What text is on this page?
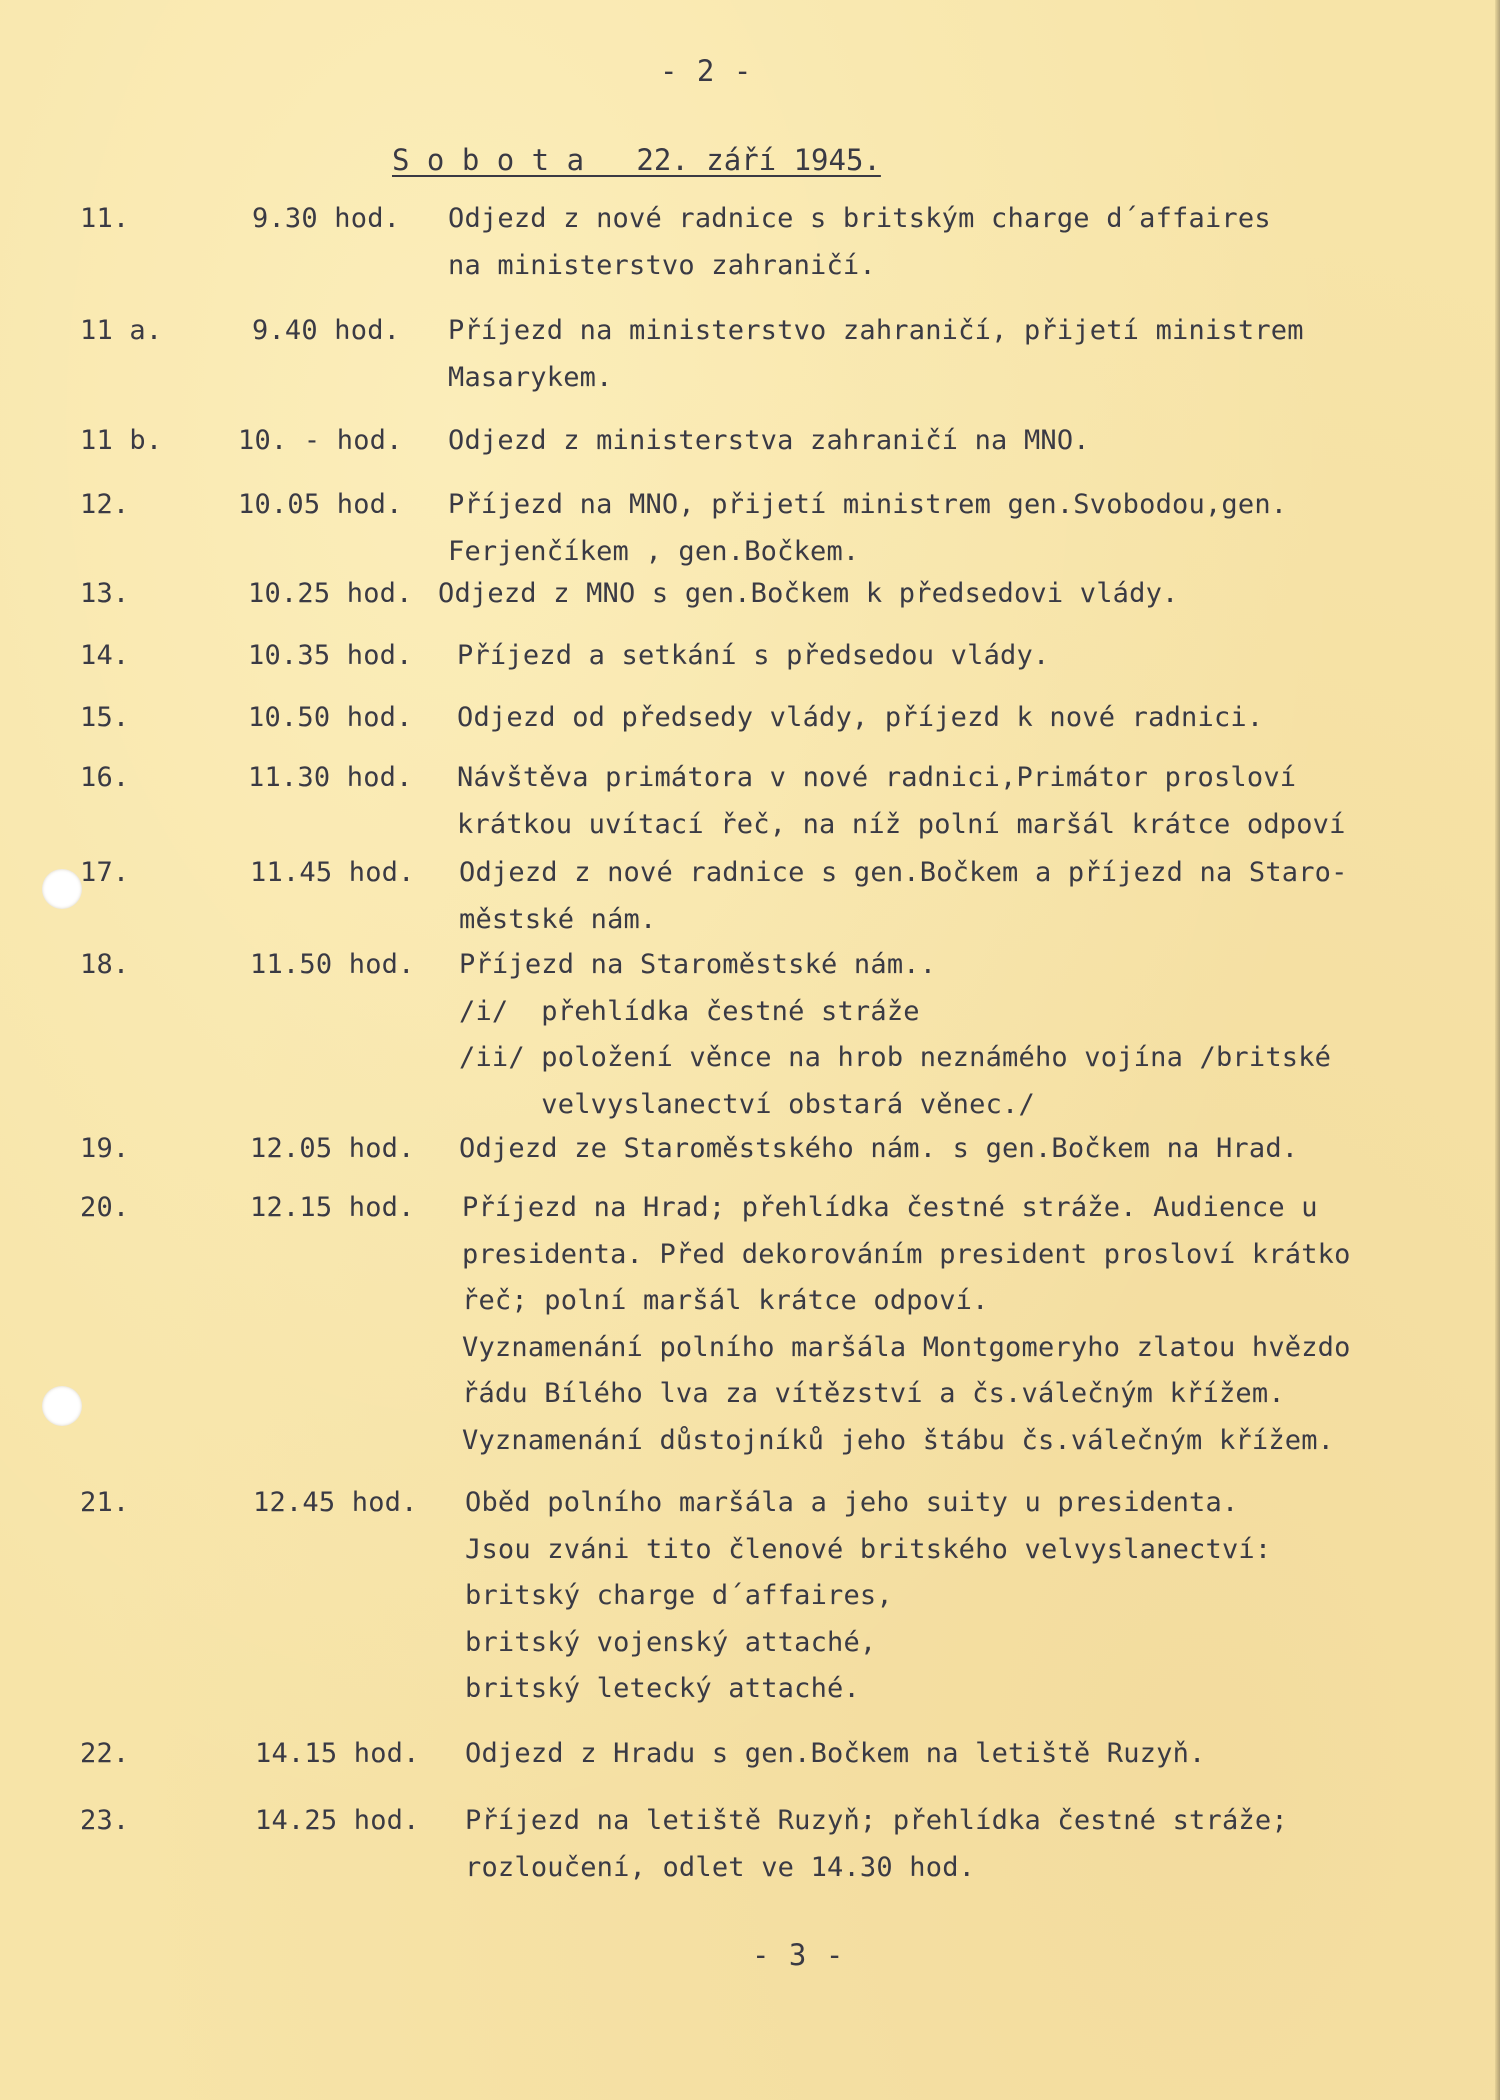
- 2 -
S o b o t a   22. září 1945.
11.	9.30 hod. Odjezd z nové radnice s britským charge d´affaires
na ministerstvo zahraničí.
11 a.	9.40 hod. Příjezd na ministerstvo zahraničí, přijetí ministrem
Masarykem.
11 b.	10. - hod. Odjezd z ministerstva zahraničí na MNO.
12.	10.05 hod. Příjezd na MNO, přijetí ministrem gen.Svobodou,gen.
Ferjenčíkem , gen.Bočkem.
13.	10.25 hod. Odjezd z MNO s gen.Bočkem k předsedovi vlády.
14.	10.35 hod. Příjezd a setkání s předsedou vlády.
15.	10.50 hod. Odjezd od předsedy vlády, příjezd k nové radnici.
16.	11.30 hod. Návštěva primátora v nové radnici,Primátor prosloví
krátkou uvítací řeč, na níž polní maršál krátce odpoví
17.	11.45 hod. Odjezd z nové radnice s gen.Bočkem a příjezd na Staro-
městské nám.
18.	11.50 hod. Příjezd na Staroměstské nám..
/i/  přehlídka čestné stráže
/ii/ položení věnce na hrob neznámého vojína /britské
velvyslanectví obstará věnec./
19.	12.05 hod. Odjezd ze Staroměstského nám. s gen.Bočkem na Hrad.
20.	12.15 hod. Příjezd na Hrad; přehlídka čestné stráže. Audience u
presidenta. Před dekorováním president prosloví krátko
řeč; polní maršál krátce odpoví.
Vyznamenání polního maršála Montgomeryho zlatou hvězdo
řádu Bílého lva za vítězství a čs.válečným křížem.
Vyznamenání důstojníků jeho štábu čs.válečným křížem.
21.	12.45 hod. Oběd polního maršála a jeho suity u presidenta.
Jsou zváni tito členové britského velvyslanectví:
britský charge d´affaires,
britský vojenský attaché,
britský letecký attaché.
22.	14.15 hod. Odjezd z Hradu s gen.Bočkem na letiště Ruzyň.
23.	14.25 hod. Příjezd na letiště Ruzyň; přehlídka čestné stráže;
rozloučení, odlet ve 14.30 hod.
- 3 -
